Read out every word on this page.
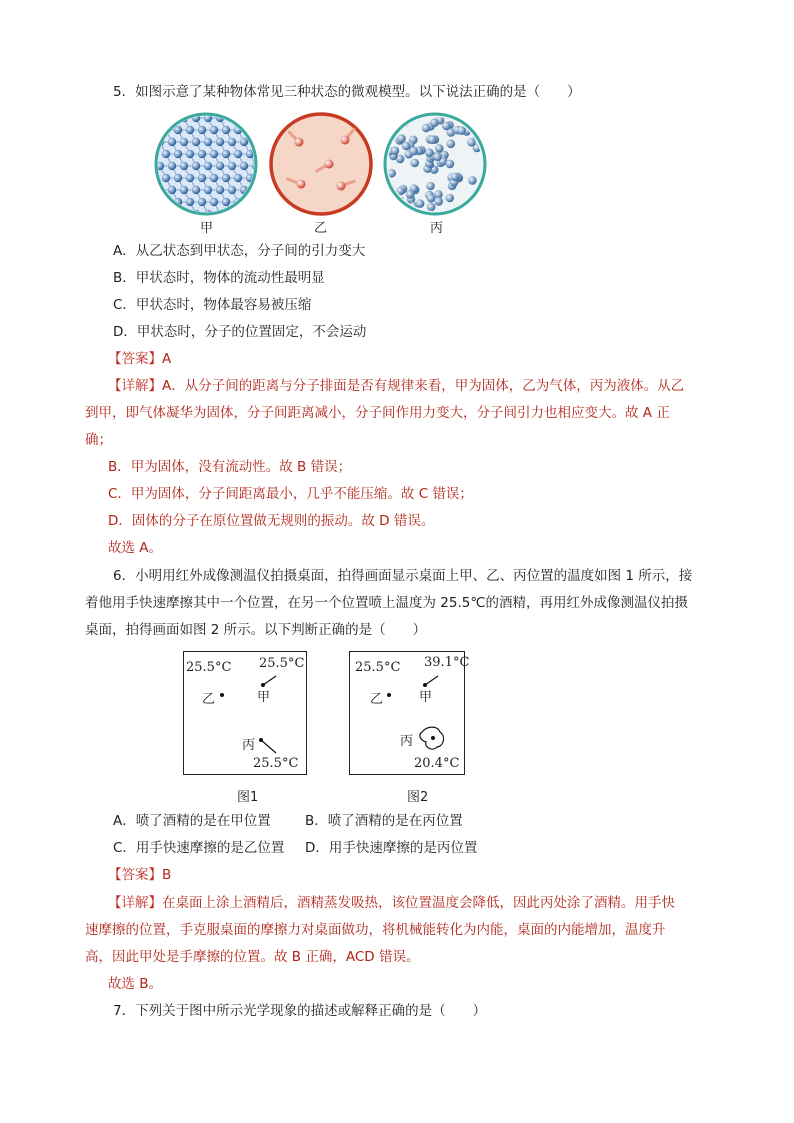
5．如图示意了某种物体常见三种状态的微观模型。以下说法正确的是（　　）
甲	乙	丙
A．从乙状态到甲状态，分子间的引力变大
B．甲状态时，物体的流动性最明显
C．甲状态时，物体最容易被压缩
D．甲状态时，分子的位置固定，不会运动
【答案】A
【详解】A．从分子间的距离与分子排面是否有规律来看，甲为固体，乙为气体，丙为液体。从乙
到甲，即气体凝华为固体，分子间距离减小，分子间作用力变大，分子间引力也相应变大。故 A 正
确；
B．甲为固体，没有流动性。故 B 错误；
C．甲为固体，分子间距离最小，几乎不能压缩。故 C 错误；
D．固体的分子在原位置做无规则的振动。故 D 错误。
故选 A。
6．小明用红外成像测温仪拍摄桌面，拍得画面显示桌面上甲、乙、丙位置的温度如图 1 所示，接
着他用手快速摩擦其中一个位置，在另一个位置喷上温度为 25.5℃的酒精，再用红外成像测温仪拍摄
桌面，拍得画面如图 2 所示。以下判断正确的是（　　）
25.5°C 25.5°C
乙	甲
丙
25.5°C
图1
25.5°C 39.1°C
乙	甲
丙
20.4°C
图2
A．喷了酒精的是在甲位置	B．喷了酒精的是在丙位置
C．用手快速摩擦的是乙位置 D．用手快速摩擦的是丙位置
【答案】B
【详解】在桌面上涂上酒精后，酒精蒸发吸热，该位置温度会降低，因此丙处涂了酒精。用手快
速摩擦的位置，手克服桌面的摩擦力对桌面做功，将机械能转化为内能，桌面的内能增加，温度升
高，因此甲处是手摩擦的位置。故 B 正确，ACD 错误。
故选 B。
7．下列关于图中所示光学现象的描述或解释正确的是（　　）
